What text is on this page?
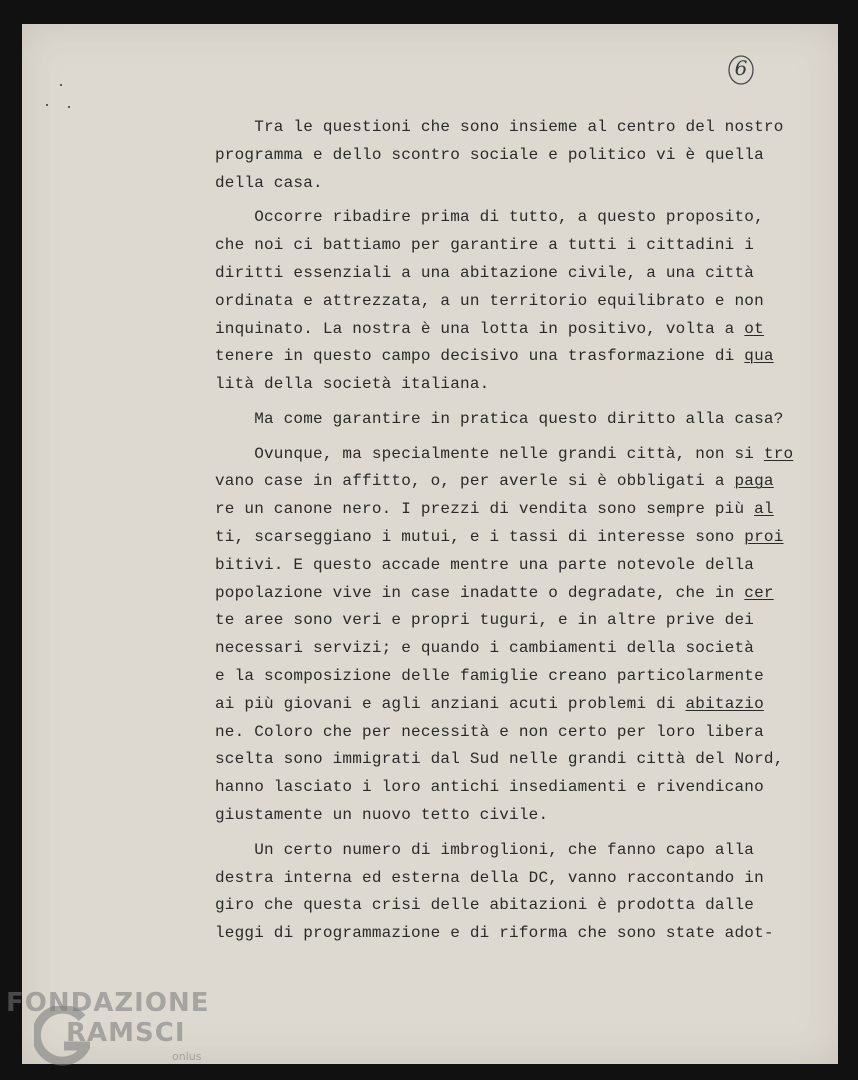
6
Tra le questioni che sono insieme al centro del nostro
programma e dello scontro sociale e politico vi è quella
della casa.
Occorre ribadire prima di tutto, a questo proposito,
che noi ci battiamo per garantire a tutti i cittadini i
diritti essenziali a una abitazione civile, a una città
ordinata e attrezzata, a un territorio equilibrato e non
inquinato. La nostra è una lotta in positivo, volta a ot
tenere in questo campo decisivo una trasformazione di qua
lità della società italiana.
Ma come garantire in pratica questo diritto alla casa?
Ovunque, ma specialmente nelle grandi città, non si tro
vano case in affitto, o, per averle si è obbligati a paga
re un canone nero. I prezzi di vendita sono sempre più al
ti, scarseggiano i mutui, e i tassi di interesse sono proi
bitivi. E questo accade mentre una parte notevole della
popolazione vive in case inadatte o degradate, che in cer
te aree sono veri e propri tuguri, e in altre prive dei
necessari servizi; e quando i cambiamenti della società
e la scomposizione delle famiglie creano particolarmente
ai più giovani e agli anziani acuti problemi di abitazio
ne. Coloro che per necessità e non certo per loro libera
scelta sono immigrati dal Sud nelle grandi città del Nord,
hanno lasciato i loro antichi insediamenti e rivendicano
giustamente un nuovo tetto civile.
Un certo numero di imbroglioni, che fanno capo alla
destra interna ed esterna della DC, vanno raccontando in
giro che questa crisi delle abitazioni è prodotta dalle
leggi di programmazione e di riforma che sono state adot-
FONDAZIONE
RAMSCI
onlus
